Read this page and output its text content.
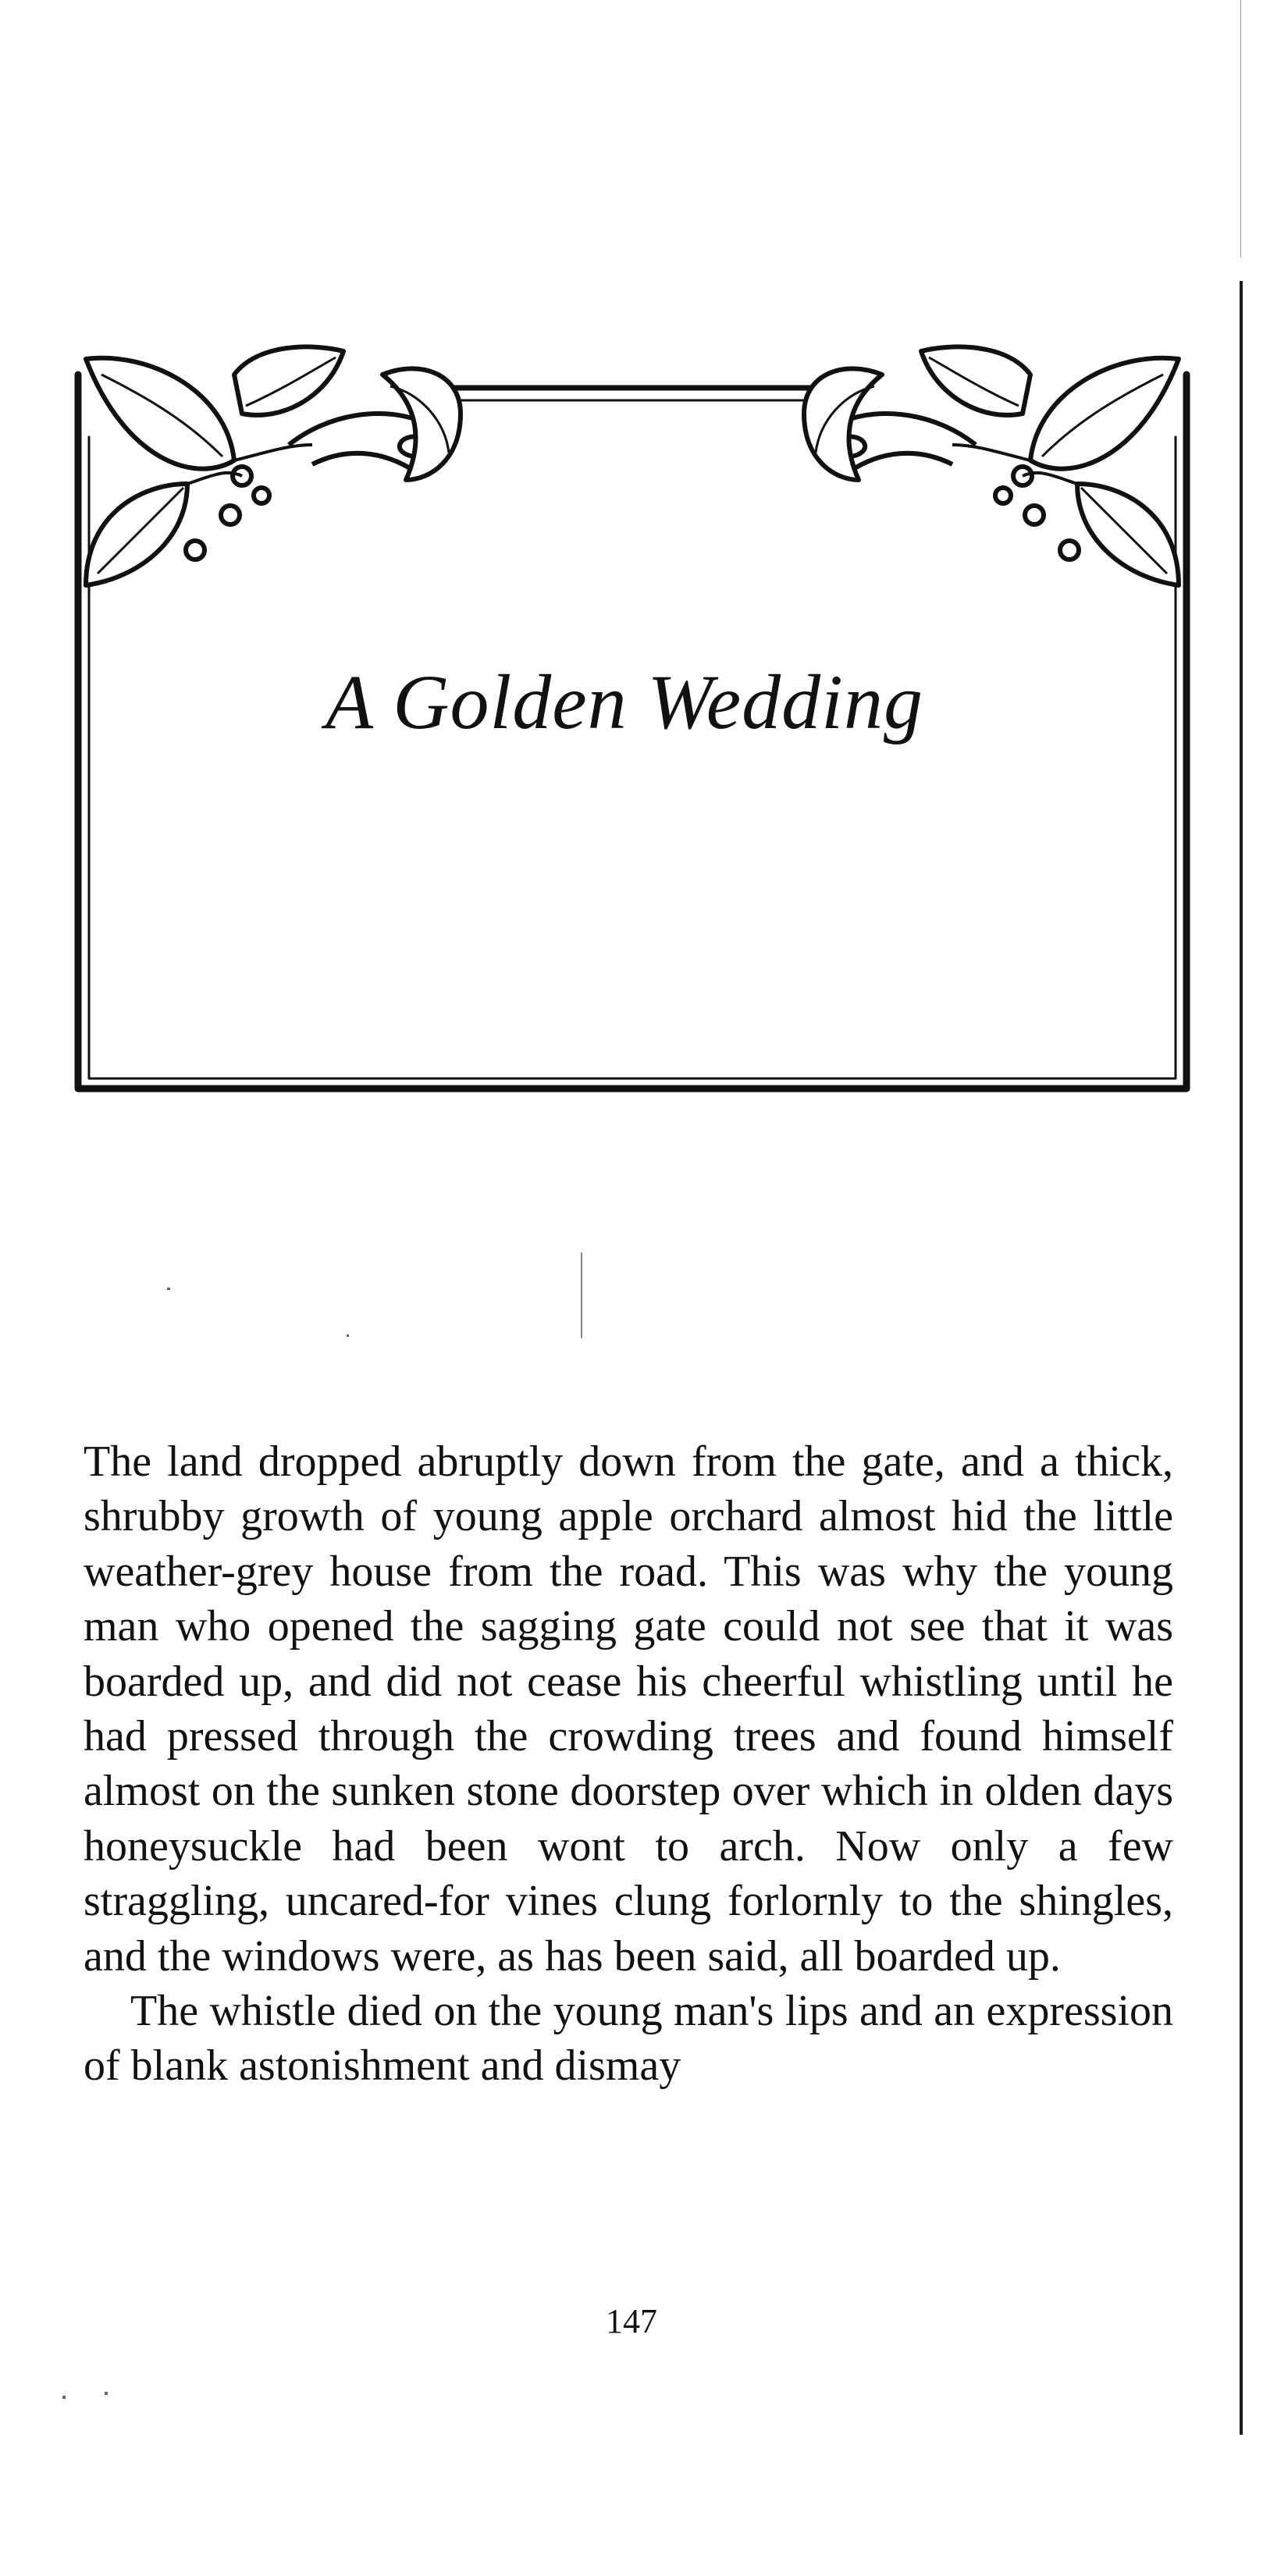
A Golden Wedding

The land dropped abruptly down from the gate, and a thick, shrubby growth of young apple orchard almost hid the little weather-grey house from the road. This was why the young man who opened the sagging gate could not see that it was boarded up, and did not cease his cheerful whistling until he had pressed through the crowding trees and found himself almost on the sunken stone doorstep over which in olden days honeysuckle had been wont to arch. Now only a few straggling, uncared-for vines clung forlornly to the shingles, and the windows were, as has been said, all boarded up.

The whistle died on the young man's lips and an expression of blank astonishment and dismay

147
